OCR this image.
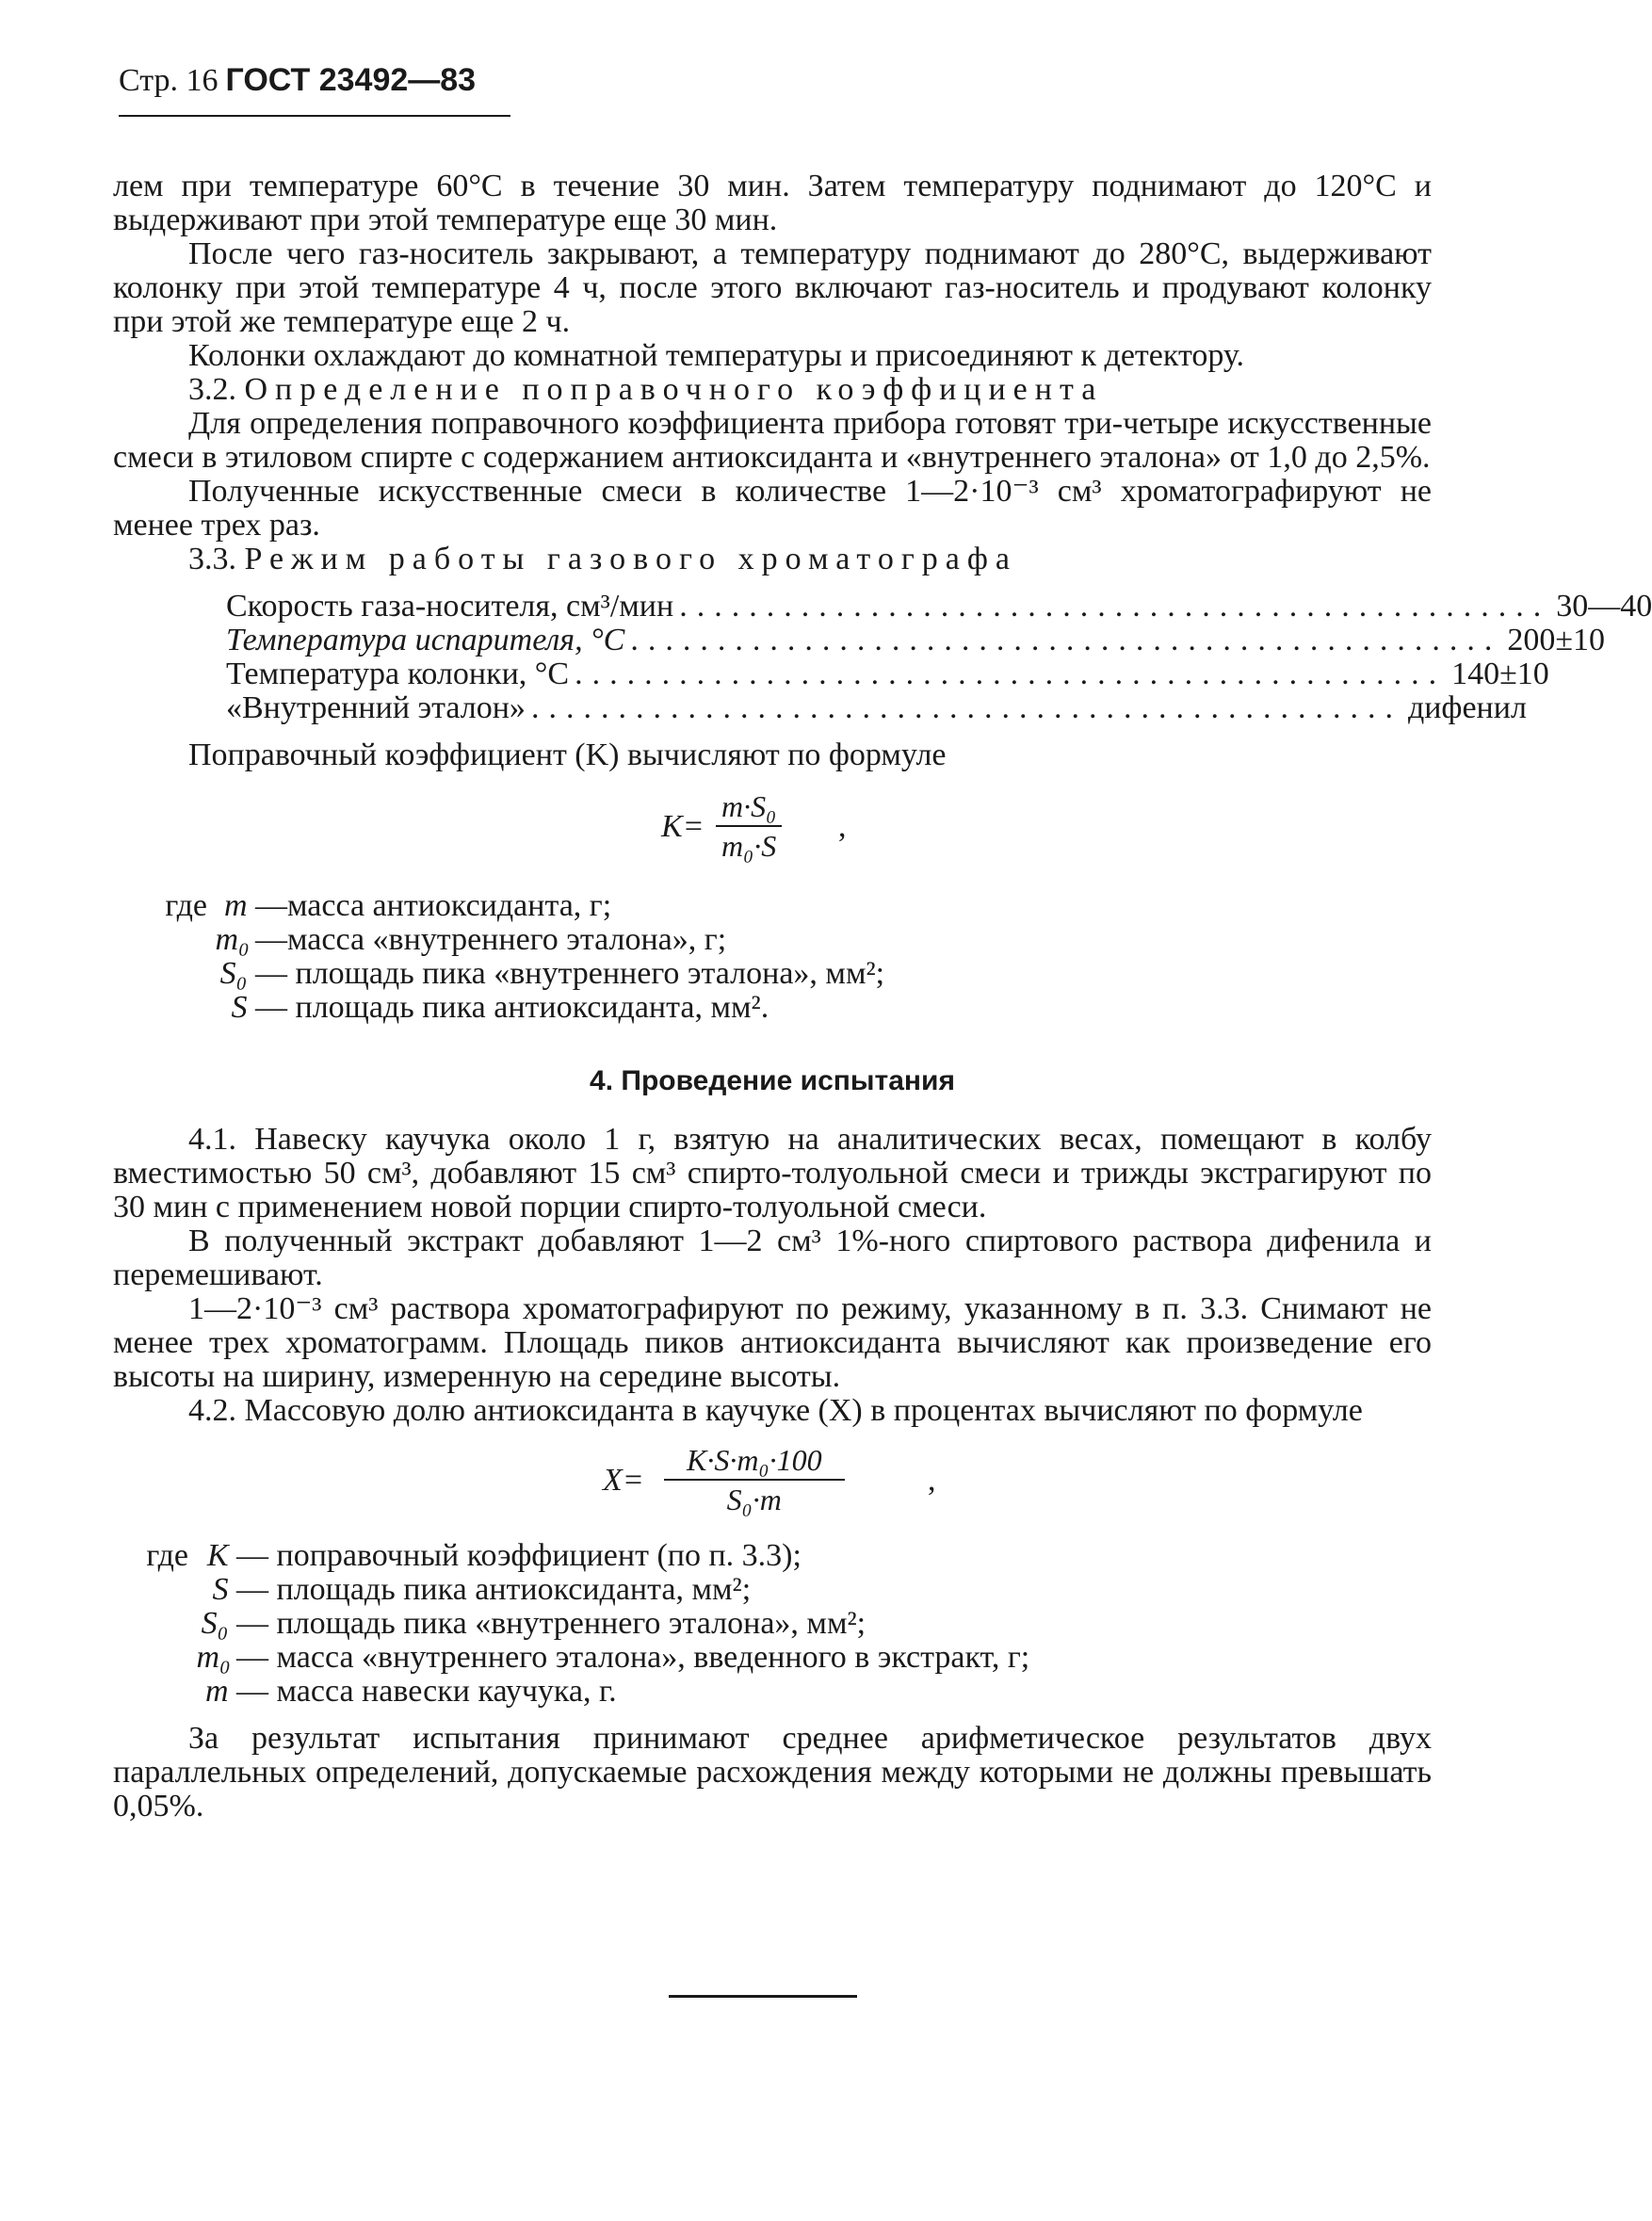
Стр. 16 ГОСТ 23492—83

лем при температуре 60°С в течение 30 мин. Затем температуру поднимают до 120°С и выдерживают при этой температуре еще 30 мин.

После чего газ-носитель закрывают, а температуру поднимают до 280°С, выдерживают колонку при этой температуре 4 ч, после этого включают газ-носитель и продувают колонку при этой же температуре еще 2 ч.

Колонки охлаждают до комнатной температуры и присоединяют к детектору.

3.2. Определение поправочного коэффициента

Для определения поправочного коэффициента прибора готовят три-четыре искусственные смеси в этиловом спирте с содержанием антиоксиданта и «внутреннего эталона» от 1,0 до 2,5%.

Полученные искусственные смеси в количестве 1—2·10⁻³ см³ хроматографируют не менее трех раз.

3.3. Режим работы газового хроматографа

Скорость газа-носителя, см³/мин .................................................. 30—40
Температура испарителя, °С .................................................. 200±10
Температура колонки, °С .................................................. 140±10
«Внутренний эталон» .................................................. дифенил

Поправочный коэффициент (K) вычисляют по формуле

$K= \frac{\text{m·S₀}}{\text{m₀·S}}$ ,
где m —масса антиоксиданта, г;
m₀ —масса «внутреннего эталона», г;
S₀ — площадь пика «внутреннего эталона», мм²;
S — площадь пика антиоксиданта, мм².
4. Проведение испытания

4.1. Навеску каучука около 1 г, взятую на аналитических весах, помещают в колбу вместимостью 50 см³, добавляют 15 см³ спирто-толуольной смеси и трижды экстрагируют по 30 мин с применением новой порции спирто-толуольной смеси.

В полученный экстракт добавляют 1—2 см³ 1%-ного спиртового раствора дифенила и перемешивают.

1—2·10⁻³ см³ раствора хроматографируют по режиму, указанному в п. 3.3. Снимают не менее трех хроматограмм. Площадь пиков антиоксиданта вычисляют как произведение его высоты на ширину, измеренную на середине высоты.

4.2. Массовую долю антиоксиданта в каучуке (X) в процентах вычисляют по формуле

$X= \frac{\text{K·S·m₀·100}}{\text{S₀·m}}$	,
где K — поправочный коэффициент (по п. 3.3);
S — площадь пика антиоксиданта, мм²;
S₀ — площадь пика «внутреннего эталона», мм²;
m₀ — масса «внутреннего эталона», введенного в экстракт, г;
m — масса навески каучука, г.

За результат испытания принимают среднее арифметическое результатов двух параллельных определений, допускаемые расхождения между которыми не должны превышать 0,05%.
